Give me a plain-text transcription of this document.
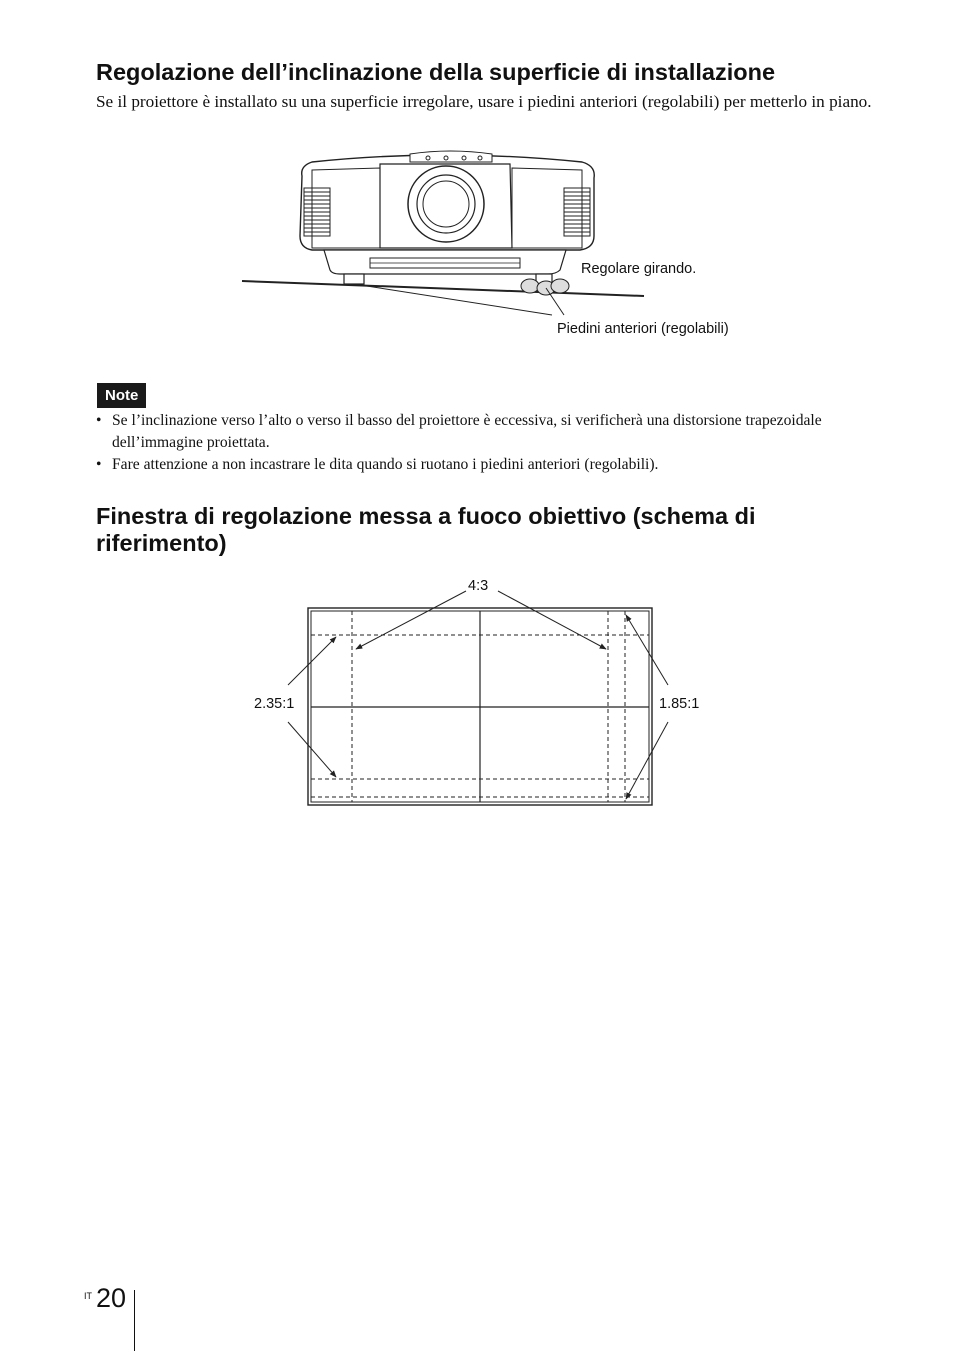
Regolazione dell’inclinazione della superficie di installazione

Se il proiettore è installato su una superficie irregolare, usare i piedini anteriori (regolabili) per metterlo in piano.

Regolare girando.
Piedini anteriori (regolabili)
Note
• Se l’inclinazione verso l’alto o verso il basso del proiettore è eccessiva, si verificherà una distorsione trapezoidale dell’immagine proiettata.
• Fare attenzione a non incastrare le dita quando si ruotano i piedini anteriori (regolabili).
Finestra di regolazione messa a fuoco obiettivo (schema di riferimento)
4:3
2.35:1	1.85:1
IT 20
